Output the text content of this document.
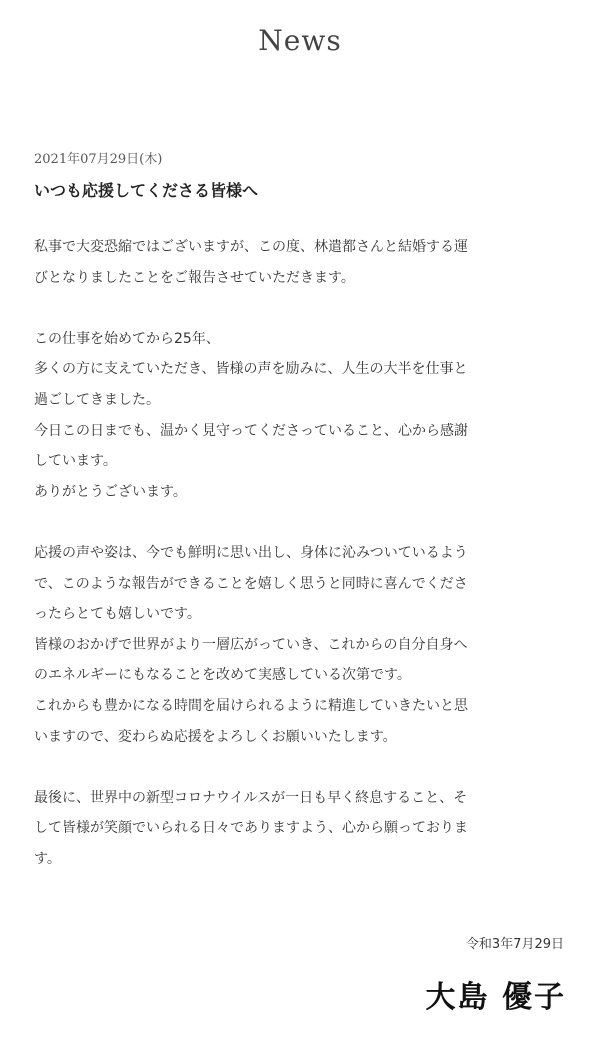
News
2021年07月29日(木)
いつも応援してくださる皆様へ

私事で大変恐縮ではございますが、この度、林遣都さんと結婚する運
びとなりましたことをご報告させていただきます。

この仕事を始めてから25年、
多くの方に支えていただき、皆様の声を励みに、人生の大半を仕事と
過ごしてきました。
今日この日までも、温かく見守ってくださっていること、心から感謝
しています。
ありがとうございます。

応援の声や姿は、今でも鮮明に思い出し、身体に沁みついているよう
で、このような報告ができることを嬉しく思うと同時に喜んでくださ
ったらとても嬉しいです。
皆様のおかげで世界がより一層広がっていき、これからの自分自身へ
のエネルギーにもなることを改めて実感している次第です。
これからも豊かになる時間を届けられるように精進していきたいと思
いますので、変わらぬ応援をよろしくお願いいたします。

最後に、世界中の新型コロナウイルスが一日も早く終息すること、そ
して皆様が笑顔でいられる日々でありますよう、心から願っておりま
す。

令和3年7月29日
大島 優子
